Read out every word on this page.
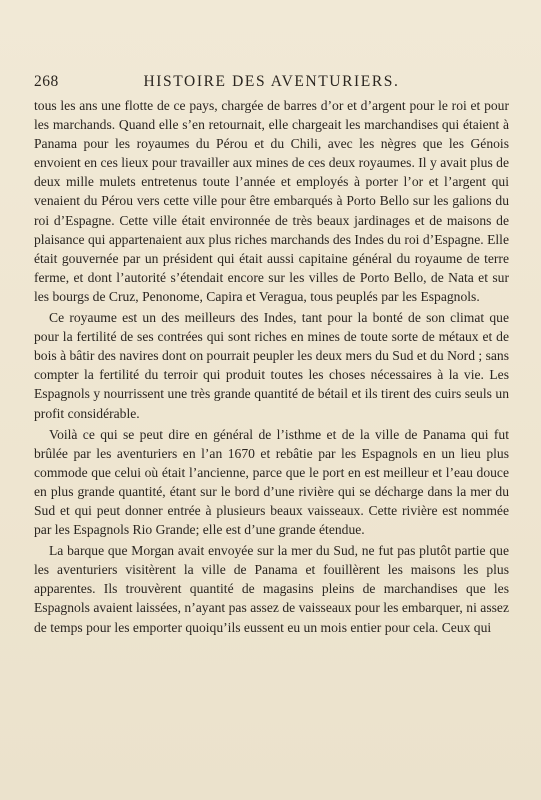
268	HISTOIRE DES AVENTURIERS.

tous les ans une flotte de ce pays, chargée de barres d’or et d’argent pour le roi et pour les marchands. Quand elle s’en retournait, elle chargeait les marchandises qui étaient à Panama pour les royaumes du Pérou et du Chili, avec les nègres que les Génois envoient en ces lieux pour travailler aux mines de ces deux royaumes. Il y avait plus de deux mille mulets entretenus toute l’année et employés à porter l’or et l’argent qui venaient du Pérou vers cette ville pour être embarqués à Porto Bello sur les galions du roi d’Espagne. Cette ville était environnée de très beaux jardinages et de maisons de plaisance qui appartenaient aux plus riches marchands des Indes du roi d’Espagne. Elle était gouvernée par un président qui était aussi capitaine général du royaume de terre ferme, et dont l’autorité s’étendait encore sur les villes de Porto Bello, de Nata et sur les bourgs de Cruz, Penonome, Capira et Veragua, tous peuplés par les Espagnols.

Ce royaume est un des meilleurs des Indes, tant pour la bonté de son climat que pour la fertilité de ses contrées qui sont riches en mines de toute sorte de métaux et de bois à bâtir des navires dont on pourrait peupler les deux mers du Sud et du Nord ; sans compter la fertilité du terroir qui produit toutes les choses nécessaires à la vie. Les Espagnols y nourrissent une très grande quantité de bétail et ils tirent des cuirs seuls un profit considérable.

Voilà ce qui se peut dire en général de l’isthme et de la ville de Panama qui fut brûlée par les aventuriers en l’an 1670 et rebâtie par les Espagnols en un lieu plus commode que celui où était l’ancienne, parce que le port en est meilleur et l’eau douce en plus grande quantité, étant sur le bord d’une rivière qui se décharge dans la mer du Sud et qui peut donner entrée à plusieurs beaux vaisseaux. Cette rivière est nommée par les Espagnols Rio Grande; elle est d’une grande étendue.

La barque que Morgan avait envoyée sur la mer du Sud, ne fut pas plutôt partie que les aventuriers visitèrent la ville de Panama et fouillèrent les maisons les plus apparentes. Ils trouvèrent quantité de magasins pleins de marchandises que les Espagnols avaient laissées, n’ayant pas assez de vaisseaux pour les embarquer, ni assez de temps pour les emporter quoiqu’ils eussent eu un mois entier pour cela. Ceux qui
